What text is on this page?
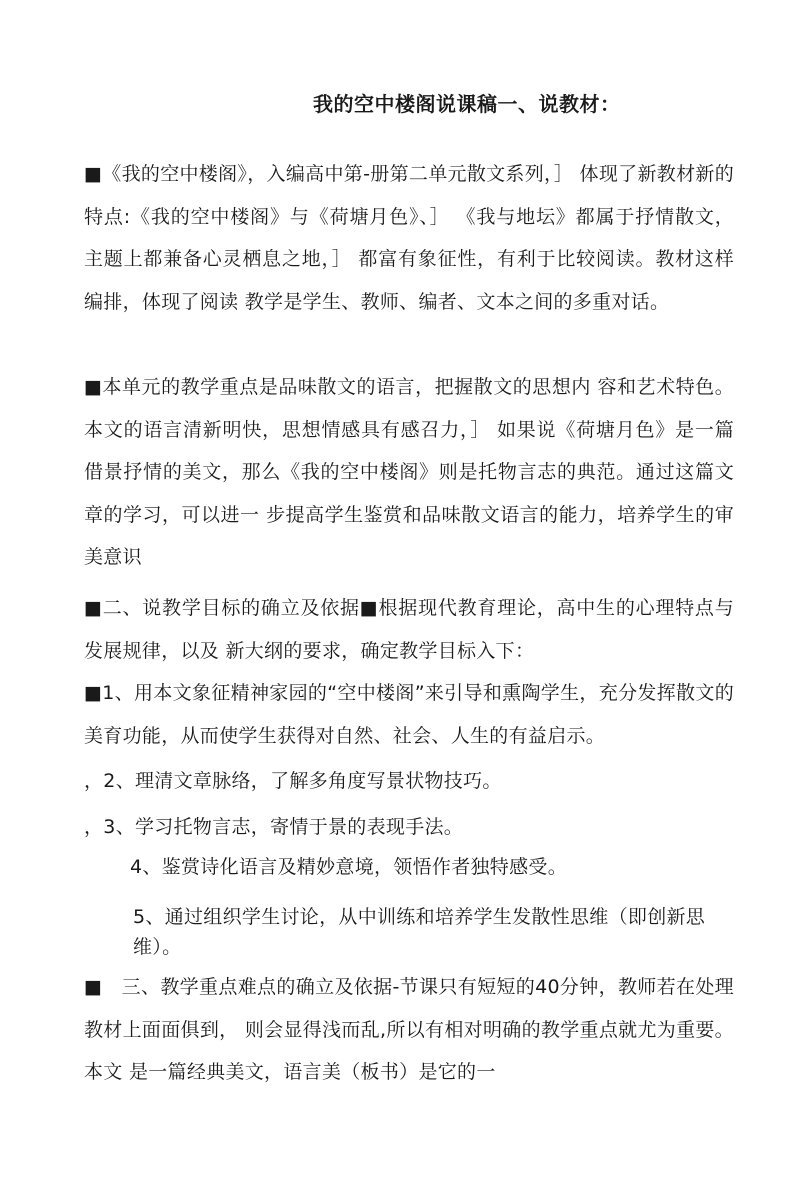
我的空中楼阁说课稿一、说教材：
■《我的空中楼阁》，入编高中第-册第二单元散文系列，］ 体现了新教材新的特点:《我的空中楼阁》与《荷塘月色》、］ 《我与地坛》都属于抒情散文，主题上都兼备心灵栖息之地，］ 都富有象征性，有利于比较阅读。教材这样编排，体现了阅读 教学是学生、教师、编者、文本之间的多重对话。
■本单元的教学重点是品味散文的语言，把握散文的思想内 容和艺术特色。本文的语言清新明快，思想情感具有感召力，］ 如果说《荷塘月色》是一篇借景抒情的美文，那么《我的空中楼阁》则是托物言志的典范。通过这篇文章的学习，可以进一 步提高学生鉴赏和品味散文语言的能力，培养学生的审美意识
■二、说教学目标的确立及依据■根据现代教育理论，高中生的心理特点与发展规律，以及 新大纲的要求，确定教学目标入下：
■1、用本文象征精神家园的“空中楼阁”来引导和熏陶学生，充分发挥散文的美育功能，从而使学生获得对自然、社会、人生的有益启示。
，2、理清文章脉络，了解多角度写景状物技巧。
，3、学习托物言志，寄情于景的表现手法。
4、鉴赏诗化语言及精妙意境，领悟作者独特感受。
5、通过组织学生讨论，从中训练和培养学生发散性思维（即创新思维）。
■　三、教学重点难点的确立及依据-节课只有短短的40分钟，教师若在处理教材上面面俱到， 则会显得浅而乱,所以有相对明确的教学重点就尤为重要。本文 是一篇经典美文，语言美（板书）是它的一
